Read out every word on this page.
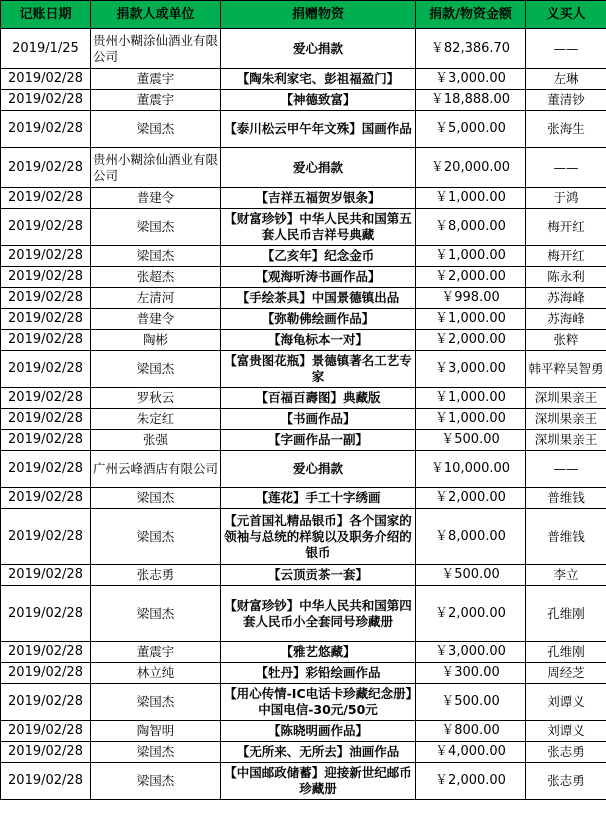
记账日期	捐款人或单位	捐赠物资	捐款/物资金额	义买人
2019/1/25	贵州小糊涂仙酒业有限公司	爱心捐款	￥82,386.70	——
2019/02/28	董震宇	【陶朱利家宅、彭祖福盈门】	￥3,000.00	左琳
2019/02/28	董震宇	【神德致富】	￥18,888.00	董清钞
2019/02/28	梁国杰	【泰川松云甲午年文殊】国画作品	￥5,000.00	张海生
2019/02/28	贵州小糊涂仙酒业有限公司	爱心捐款	￥20,000.00	——
2019/02/28	普建令	【吉祥五福贺岁银条】	￥1,000.00	于鸿
2019/02/28	梁国杰	【财富珍钞】中华人民共和国第五套人民币吉祥号典藏	￥8,000.00	梅开红
2019/02/28	梁国杰	【乙亥年】纪念金币	￥1,000.00	梅开红
2019/02/28	张超杰	【观海听涛书画作品】	￥2,000.00	陈永利
2019/02/28	左清河	【手绘茶具】中国景德镇出品	￥998.00	苏海峰
2019/02/28	普建令	【弥勒佛绘画作品】	￥1,000.00	苏海峰
2019/02/28	陶彬	【海龟标本一对】	￥2,000.00	张粹
2019/02/28	梁国杰	【富贵图花瓶】景德镇著名工艺专家	￥3,000.00	韩平粹吴智勇
2019/02/28	罗秋云	【百福百壽图】典藏版	￥1,000.00	深圳果亲王
2019/02/28	朱定红	【书画作品】	￥1,000.00	深圳果亲王
2019/02/28	张强	【字画作品一副】	￥500.00	深圳果亲王
2019/02/28	广州云峰酒店有限公司	爱心捐款	￥10,000.00	——
2019/02/28	梁国杰	【莲花】手工十字绣画	￥2,000.00	普维钱
2019/02/28	梁国杰	【元首国礼精品银币】各个国家的领袖与总统的样貌以及职务介绍的银币	￥8,000.00	普维钱
2019/02/28	张志勇	【云顶贡茶一套】	￥500.00	李立
2019/02/28	梁国杰	【财富珍钞】中华人民共和国第四套人民币小全套同号珍藏册	￥2,000.00	孔维刚
2019/02/28	董震宇	【雅艺悠藏】	￥3,000.00	孔维刚
2019/02/28	林立纯	【牡丹】彩铅绘画作品	￥300.00	周经芝
2019/02/28	梁国杰	【用心传情-IC电话卡珍藏纪念册】中国电信-30元/50元	￥500.00	刘谭义
2019/02/28	陶智明	【陈晓明画作品】	￥800.00	刘谭义
2019/02/28	梁国杰	【无所来、无所去】油画作品	￥4,000.00	张志勇
2019/02/28	梁国杰	【中国邮政储蓄】迎接新世纪邮币珍藏册	￥2,000.00	张志勇
